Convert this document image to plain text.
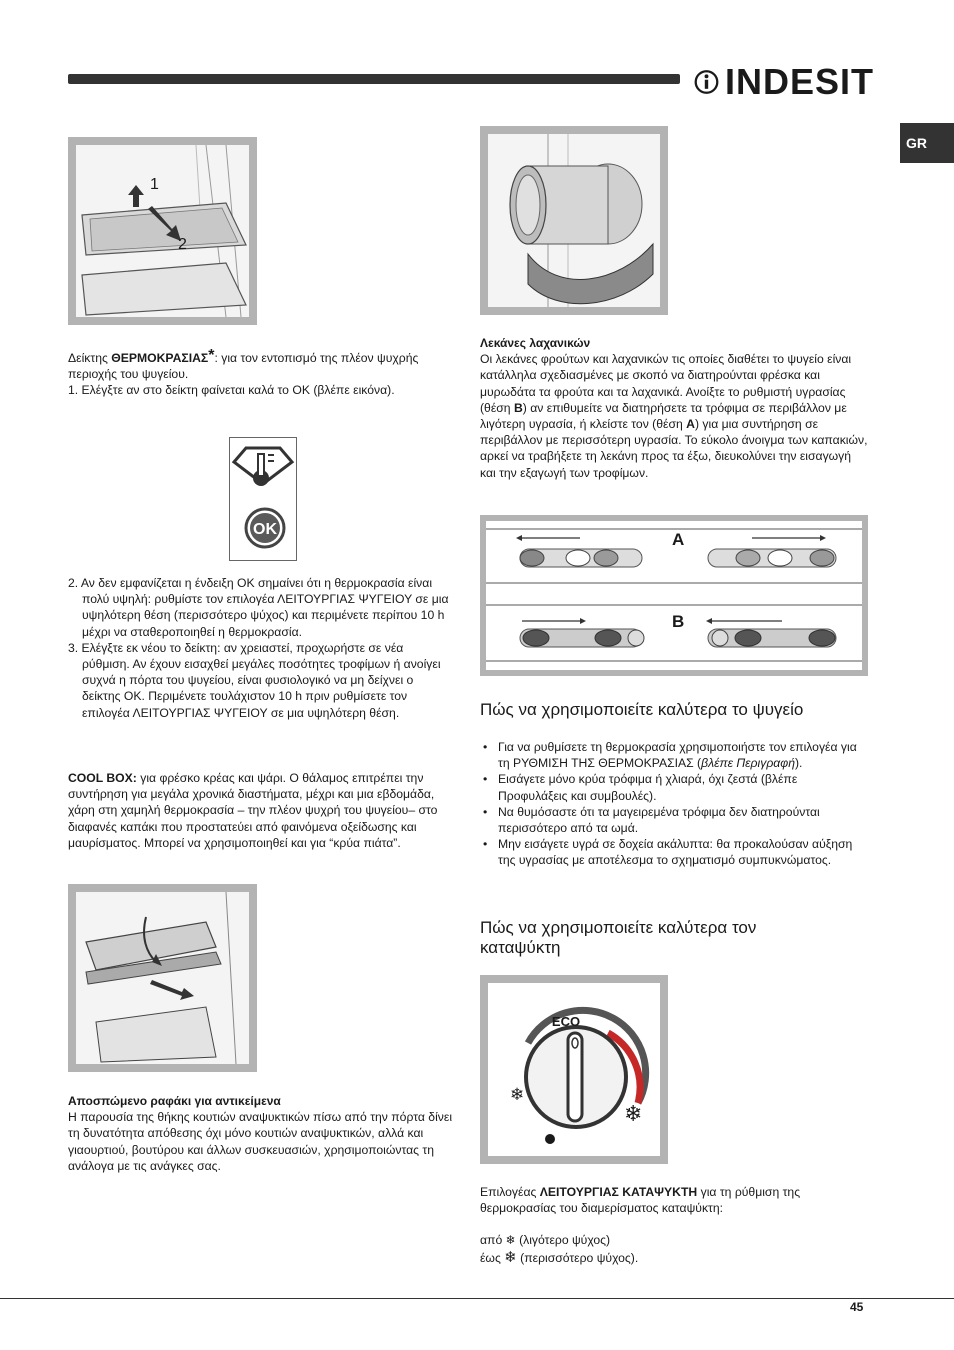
INDESIT
GR
1
2

Δείκτης ΘΕΡΜΟΚΡΑΣΙΑΣ*: για τον εντοπισμό της πλέον ψυχρής περιοχής του ψυγείου.

1. Ελέγξτε αν στο δείκτη φαίνεται καλά το ΟΚ (βλέπε εικόνα).

OK

2. Αν δεν εμφανίζεται η ένδειξη ΟΚ σημαίνει ότι η θερμοκρασία είναι πολύ υψηλή: ρυθμίστε τον επιλογέα ΛΕΙΤΟΥΡΓΙΑΣ ΨΥΓΕΙΟΥ σε μια υψηλότερη θέση (περισσότερο ψύχος) και περιμένετε περίπου 10 h μέχρι να σταθεροποιηθεί η θερμοκρασία.

3. Ελέγξτε εκ νέου το δείκτη: αν χρειαστεί, προχωρήστε σε νέα ρύθμιση. Αν έχουν εισαχθεί μεγάλες ποσότητες τροφίμων ή ανοίγει συχνά η πόρτα του ψυγείου, είναι φυσιολογικό να μη δείχνει ο δείκτης ΟΚ. Περιμένετε τουλάχιστον 10 h πριν ρυθμίσετε τον επιλογέα ΛΕΙΤΟΥΡΓΙΑΣ ΨΥΓΕΙΟΥ σε μια υψηλότερη θέση.

COOL BOX: για φρέσκο κρέας και ψάρι. Ο θάλαμος επιτρέπει την συντήρηση για μεγάλα χρονικά διαστήματα, μέχρι και μια εβδομάδα, χάρη στη χαμηλή θερμοκρασία – την πλέον ψυχρή του ψυγείου– στο διαφανές καπάκι που προστατεύει από φαινόμενα οξείδωσης και μαυρίσματος. Μπορεί να χρησιμοποιηθεί και για “κρύα πιάτα”.

Αποσπώμενο ραφάκι για αντικείμενα

Η παρουσία της θήκης κουτιών αναψυκτικών πίσω από την πόρτα δίνει τη δυνατότητα απόθεσης όχι μόνο κουτιών αναψυκτικών, αλλά και γιαουρτιού, βουτύρου και άλλων συσκευασιών, χρησιμοποιώντας τη ανάλογα με τις ανάγκες σας.

Λεκάνες λαχανικών

Οι λεκάνες φρούτων και λαχανικών τις οποίες διαθέτει το ψυγείο είναι κατάλληλα σχεδιασμένες με σκοπό να διατηρούνται φρέσκα και μυρωδάτα τα φρούτα και τα λαχανικά. Ανοίξτε το ρυθμιστή υγρασίας (θέση B) αν επιθυμείτε να διατηρήσετε τα τρόφιμα σε περιβάλλον με λιγότερη υγρασία, ή κλείστε τον (θέση A) για μια συντήρηση σε περιβάλλον με περισσότερη υγρασία. Το εύκολο άνοιγμα των καπακιών, αρκεί να τραβήξετε τη λεκάνη προς τα έξω, διευκολύνει την εισαγωγή και την εξαγωγή των τροφίμων.

A
B
Πώς να χρησιμοποιείτε καλύτερα το ψυγείο
• Για να ρυθμίσετε τη θερμοκρασία χρησιμοποιήστε τον επιλογέα για τη ΡΥΘΜΙΣΗ ΤΗΣ ΘΕΡΜΟΚΡΑΣΙΑΣ (βλέπε Περιγραφή).
• Εισάγετε μόνο κρύα τρόφιμα ή χλιαρά, όχι ζεστά (βλέπε Προφυλάξεις και συμβουλές).
• Να θυμόσαστε ότι τα μαγειρεμένα τρόφιμα δεν διατηρούνται περισσότερο από τα ωμά.
• Μην εισάγετε υγρά σε δοχεία ακάλυπτα: θα προκαλούσαν αύξηση της υγρασίας με αποτέλεσμα το σχηματισμό συμπυκνώματος.
Πώς να χρησιμοποιείτε καλύτερα τον καταψύκτη
ECO
❄
❄

Επιλογέας ΛΕΙΤΟΥΡΓΙΑΣ ΚΑΤΑΨΥΚΤΗ για τη ρύθμιση της θερμοκρασίας του διαμερίσματος καταψύκτη:

από ❄ (λιγότερο ψύχος)

έως ❄ (περισσότερο ψύχος).

45
